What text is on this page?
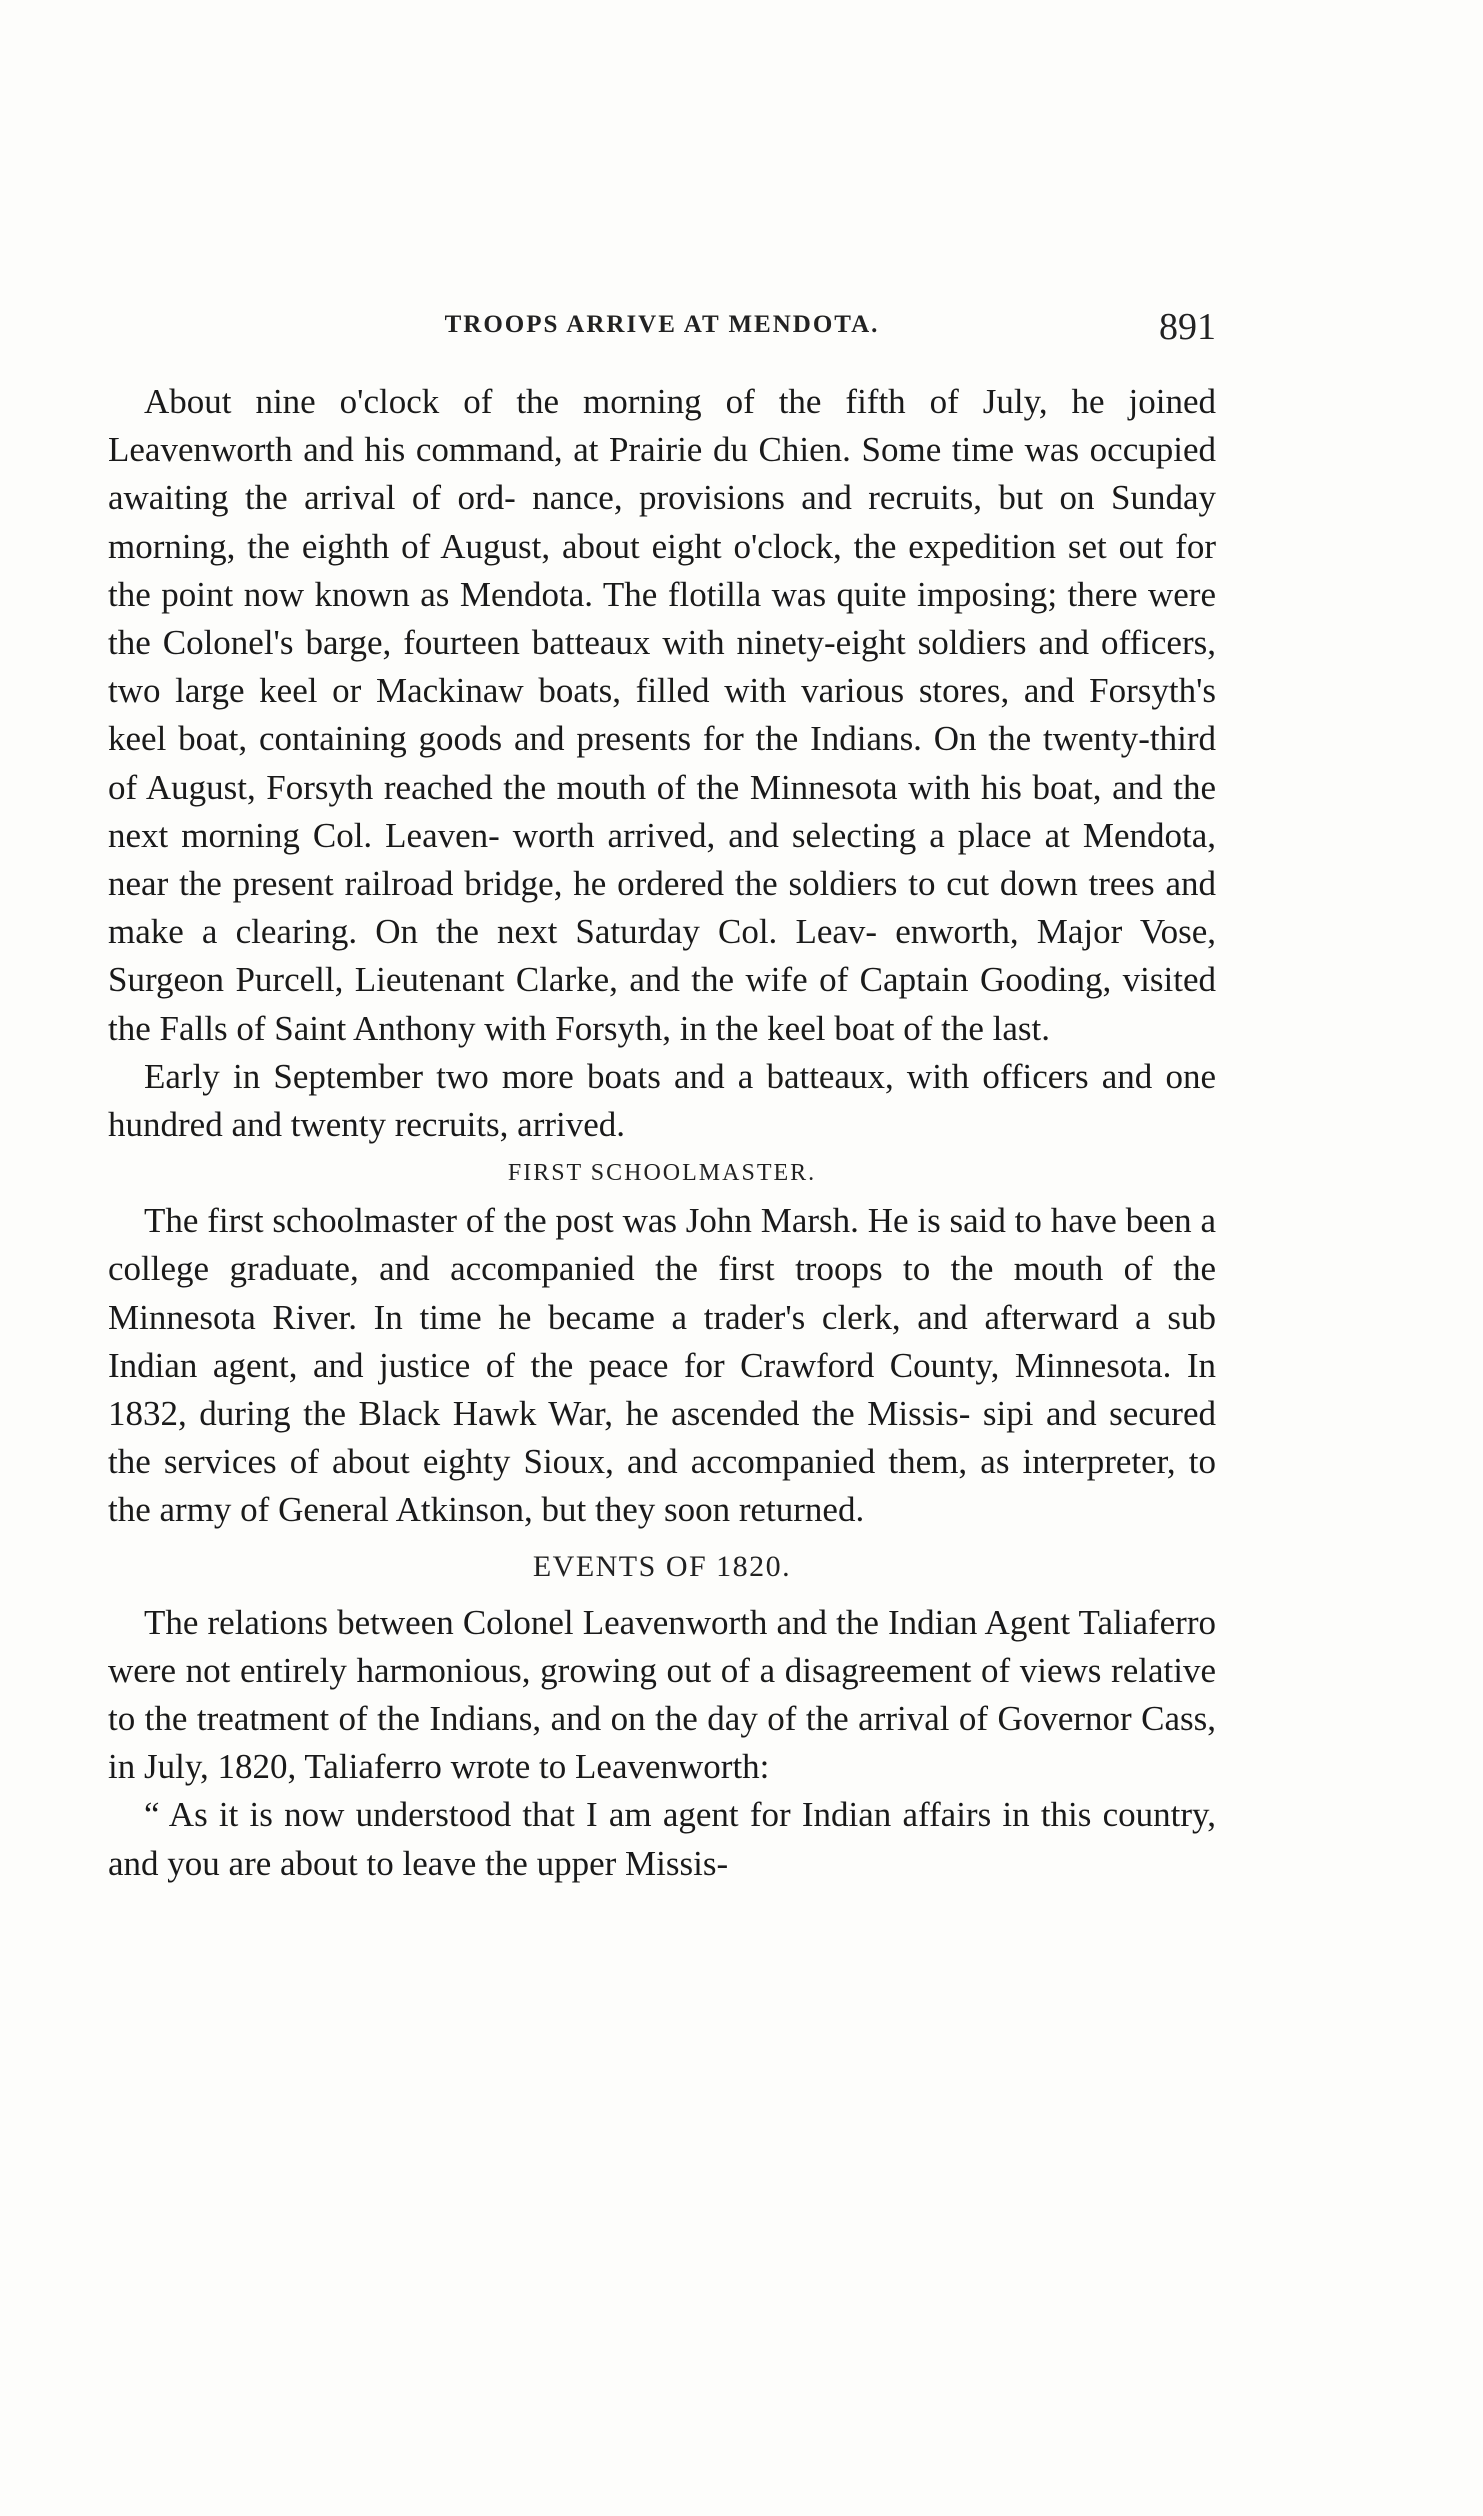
TROOPS ARRIVE AT MENDOTA.	891

About nine o'clock of the morning of the fifth of July, he joined Leavenworth and his command, at Prairie du Chien. Some time was occupied awaiting the arrival of ord- nance, provisions and recruits, but on Sunday morning, the eighth of August, about eight o'clock, the expedition set out for the point now known as Mendota. The flotilla was quite imposing; there were the Colonel's barge, fourteen batteaux with ninety-eight soldiers and officers, two large keel or Mackinaw boats, filled with various stores, and Forsyth's keel boat, containing goods and presents for the Indians. On the twenty-third of August, Forsyth reached the mouth of the Minnesota with his boat, and the next morning Col. Leaven- worth arrived, and selecting a place at Mendota, near the present railroad bridge, he ordered the soldiers to cut down trees and make a clearing. On the next Saturday Col. Leav- enworth, Major Vose, Surgeon Purcell, Lieutenant Clarke, and the wife of Captain Gooding, visited the Falls of Saint Anthony with Forsyth, in the keel boat of the last.

Early in September two more boats and a batteaux, with officers and one hundred and twenty recruits, arrived.

FIRST SCHOOLMASTER.

The first schoolmaster of the post was John Marsh. He is said to have been a college graduate, and accompanied the first troops to the mouth of the Minnesota River. In time he became a trader's clerk, and afterward a sub Indian agent, and justice of the peace for Crawford County, Minnesota. In 1832, during the Black Hawk War, he ascended the Missis- sipi and secured the services of about eighty Sioux, and accompanied them, as interpreter, to the army of General Atkinson, but they soon returned.

EVENTS OF 1820.

The relations between Colonel Leavenworth and the Indian Agent Taliaferro were not entirely harmonious, growing out of a disagreement of views relative to the treatment of the Indians, and on the day of the arrival of Governor Cass, in July, 1820, Taliaferro wrote to Leavenworth:

“ As it is now understood that I am agent for Indian affairs in this country, and you are about to leave the upper Missis-
